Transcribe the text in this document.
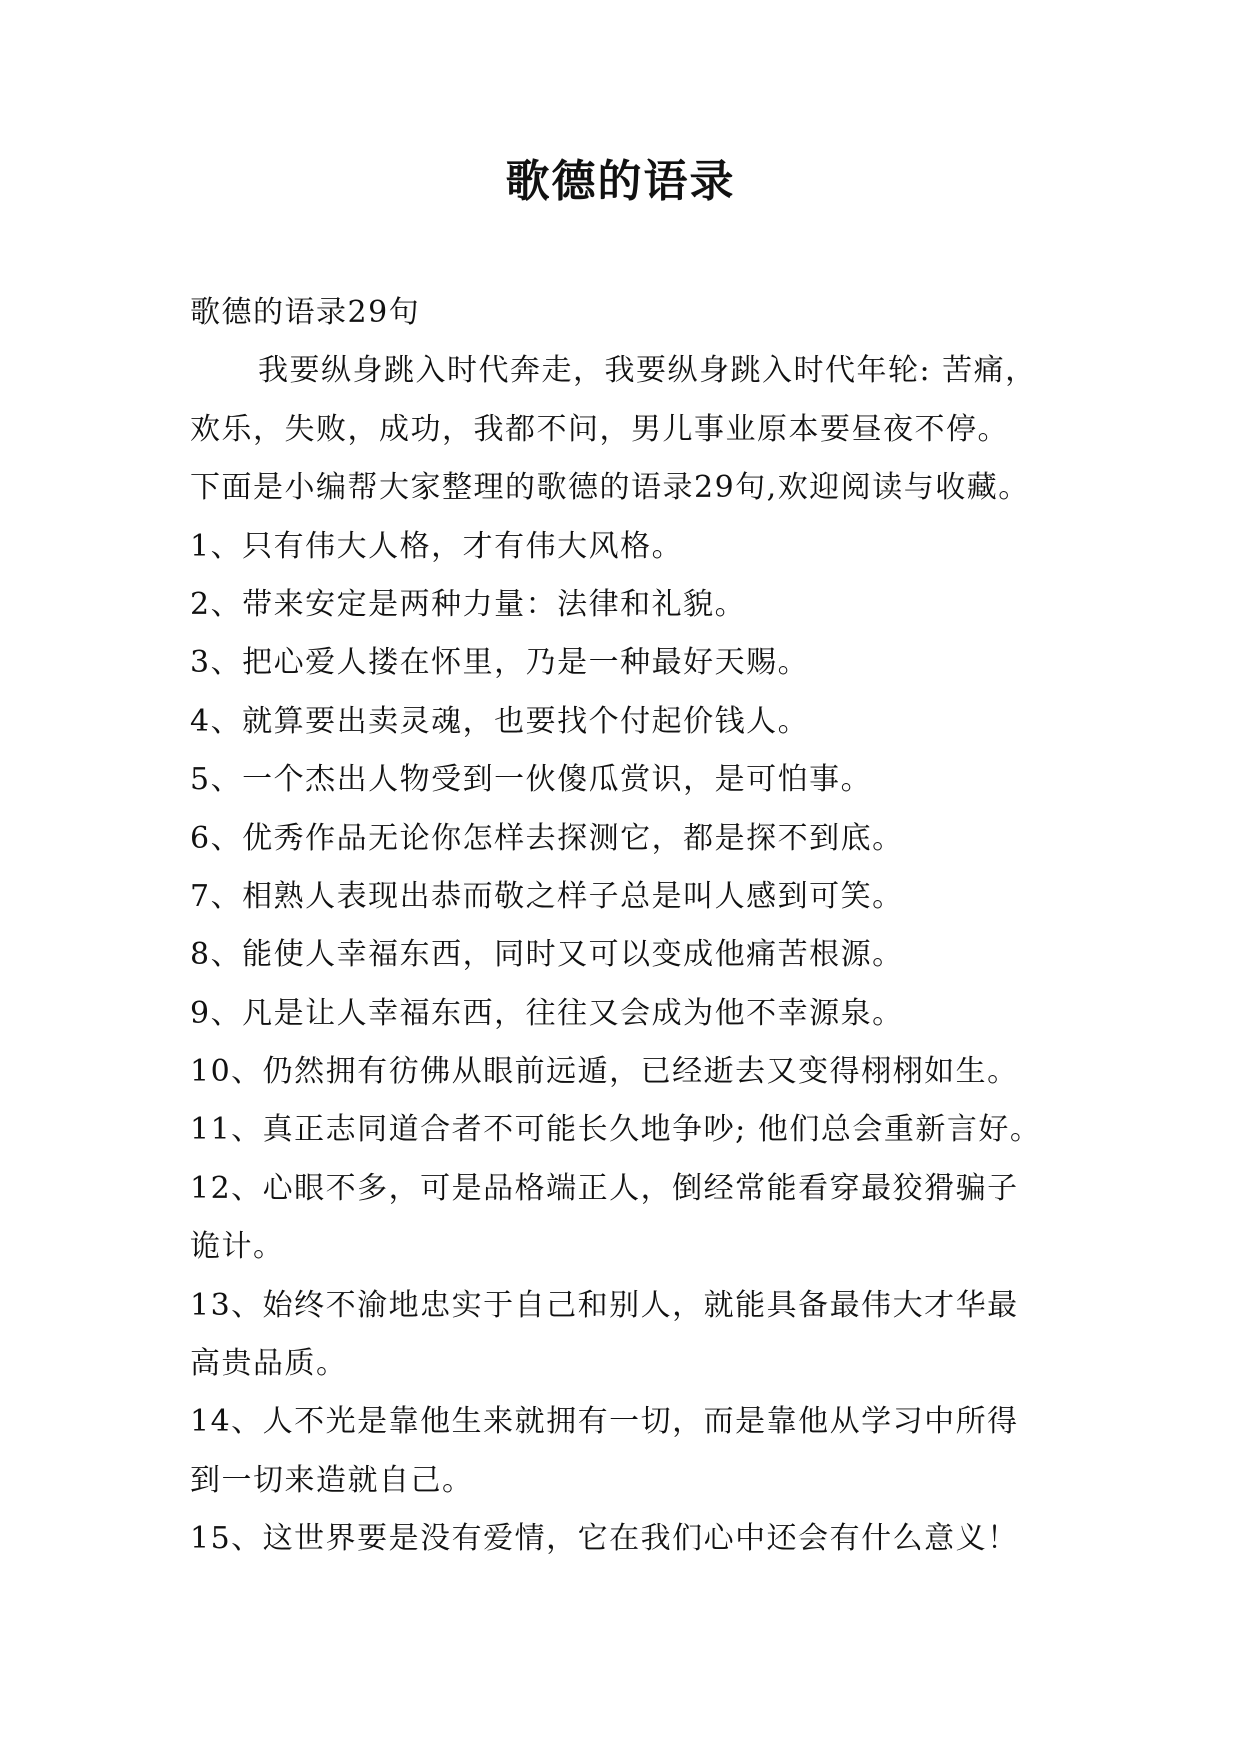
歌德的语录
歌德的语录29句
我要纵身跳入时代奔走，我要纵身跳入时代年轮: 苦痛，
欢乐，失败，成功，我都不问，男儿事业原本要昼夜不停。
下面是小编帮大家整理的歌德的语录29句,欢迎阅读与收藏。
1、只有伟大人格，才有伟大风格。
2、带来安定是两种力量：法律和礼貌。
3、把心爱人搂在怀里，乃是一种最好天赐。
4、就算要出卖灵魂，也要找个付起价钱人。
5、一个杰出人物受到一伙傻瓜赏识，是可怕事。
6、优秀作品无论你怎样去探测它，都是探不到底。
7、相熟人表现出恭而敬之样子总是叫人感到可笑。
8、能使人幸福东西，同时又可以变成他痛苦根源。
9、凡是让人幸福东西，往往又会成为他不幸源泉。
10、仍然拥有彷佛从眼前远遁，已经逝去又变得栩栩如生。
11、真正志同道合者不可能长久地争吵; 他们总会重新言好。
12、心眼不多，可是品格端正人，倒经常能看穿最狡猾骗子
诡计。
13、始终不渝地忠实于自己和别人，就能具备最伟大才华最
高贵品质。
14、人不光是靠他生来就拥有一切，而是靠他从学习中所得
到一切来造就自己。
15、这世界要是没有爱情，它在我们心中还会有什么意义！
